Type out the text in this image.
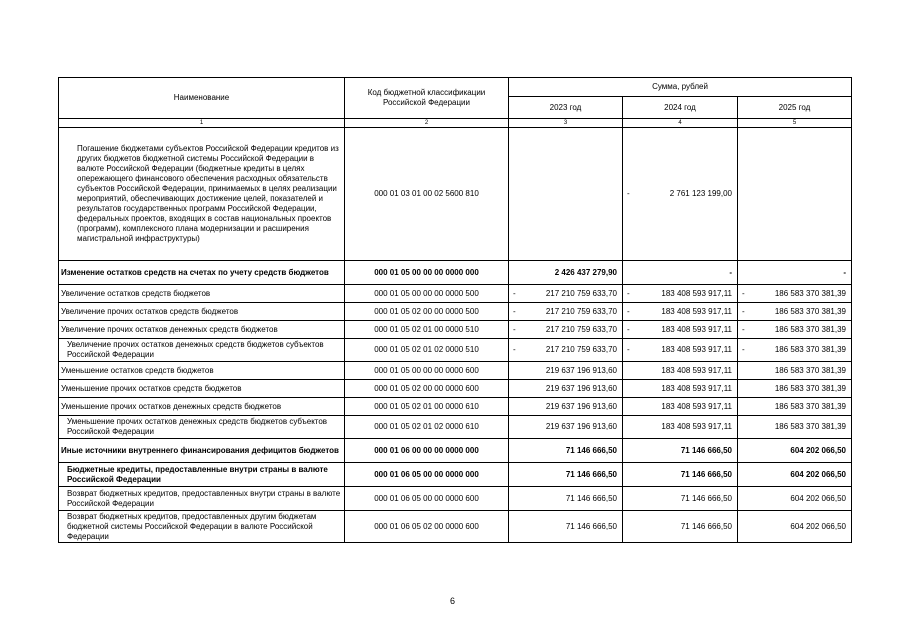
Наименование	Код бюджетной классификации Российской Федерации	Сумма, рублей		
		2023 год	2024 год	2025 год
1	2	3	4	5
Погашение бюджетами субъектов Российской Федерации кредитов из других бюджетов бюджетной системы Российской Федерации в валюте Российской Федерации (бюджетные кредиты в целях опережающего финансового обеспечения расходных обязательств субъектов Российской Федерации, принимаемых в целях реализации мероприятий, обеспечивающих достижение целей, показателей и результатов государственных программ Российской Федерации, федеральных проектов, входящих в состав национальных проектов (программ), комплексного плана модернизации и расширения магистральной инфраструктуры)	000 01 03 01 00 02 5600 810		- 2 761 123 199,00	

Изменение остатков средств на счетах по учету средств бюджетов	000 01 05 00 00 00 0000 000	2 426 437 279,90	-	-

Увеличение остатков средств бюджетов	000 01 05 00 00 00 0000 500	- 217 210 759 633,70	- 183 408 593 917,11	- 186 583 370 381,39

Увеличение прочих остатков средств бюджетов	000 01 05 02 00 00 0000 500	- 217 210 759 633,70	- 183 408 593 917,11	- 186 583 370 381,39

Увеличение прочих остатков денежных средств бюджетов	000 01 05 02 01 00 0000 510	- 217 210 759 633,70	- 183 408 593 917,11	- 186 583 370 381,39

Увеличение прочих остатков денежных средств бюджетов субъектов Российской Федерации	000 01 05 02 01 02 0000 510	- 217 210 759 633,70	- 183 408 593 917,11	- 186 583 370 381,39

Уменьшение остатков средств бюджетов	000 01 05 00 00 00 0000 600	219 637 196 913,60	183 408 593 917,11	186 583 370 381,39

Уменьшение прочих остатков средств бюджетов	000 01 05 02 00 00 0000 600	219 637 196 913,60	183 408 593 917,11	186 583 370 381,39

Уменьшение прочих остатков денежных средств бюджетов	000 01 05 02 01 00 0000 610	219 637 196 913,60	183 408 593 917,11	186 583 370 381,39

Уменьшение прочих остатков денежных средств бюджетов субъектов Российской Федерации	000 01 05 02 01 02 0000 610	219 637 196 913,60	183 408 593 917,11	186 583 370 381,39

Иные источники внутреннего финансирования дефицитов бюджетов	000 01 06 00 00 00 0000 000	71 146 666,50	71 146 666,50	604 202 066,50

Бюджетные кредиты, предоставленные внутри страны в валюте Российской Федерации	000 01 06 05 00 00 0000 000	71 146 666,50	71 146 666,50	604 202 066,50

Возврат бюджетных кредитов, предоставленных внутри страны в валюте Российской Федерации	000 01 06 05 00 00 0000 600	71 146 666,50	71 146 666,50	604 202 066,50

Возврат бюджетных кредитов, предоставленных другим бюджетам бюджетной системы Российской Федерации в валюте Российской Федерации	000 01 06 05 02 00 0000 600	71 146 666,50	71 146 666,50	604 202 066,50
6
